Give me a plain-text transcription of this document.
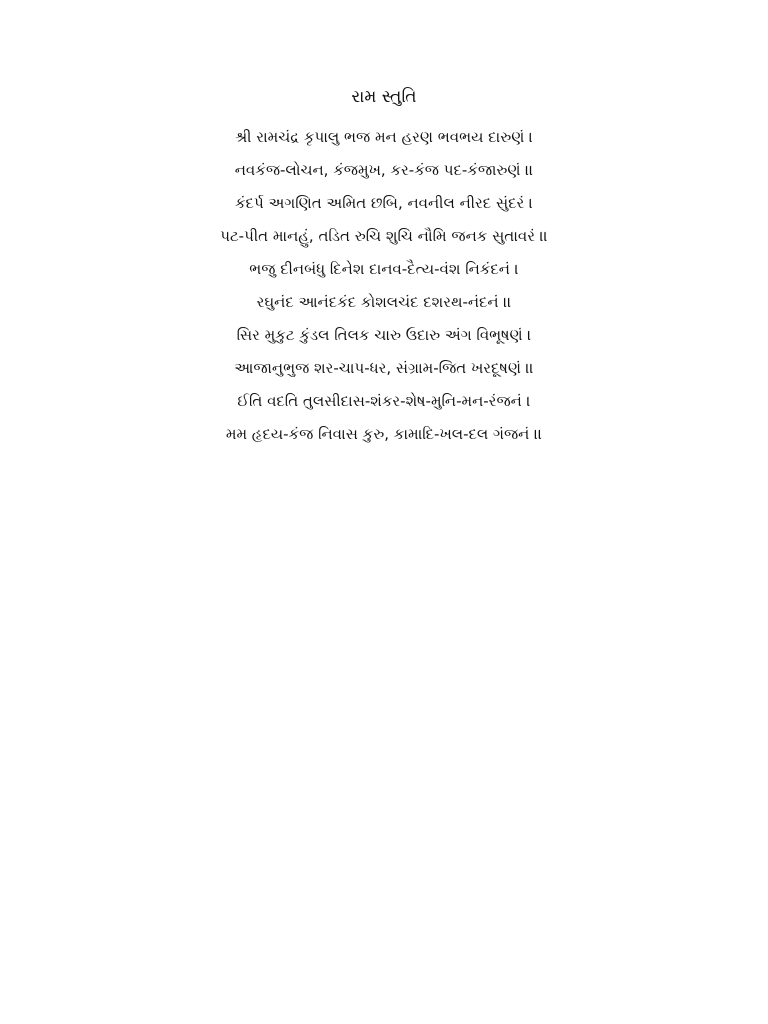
રામ સ્તુતિ
શ્રી રામચંદ્ર કૃપાલુ ભજ મન હરણ ભવભય દારુણં ।
નવકંજ-લોચન, કંજમુખ, કર-કંજ પદ-કંજારુણં ।।
કંદર્પ અગણિત અમિત છબિ, નવનીલ નીરદ સુંદરં ।
પટ-પીત માનહું, તડિત રુચિ શુચિ નૌમિ જનક સુતાવરં ।।
ભજુ દીનબંધુ દિનેશ દાનવ-દૈત્ય-વંશ નિકંદનં ।
રઘુનંદ આનંદકંદ કોશલચંદ દશરથ-નંદનં ।।
સિર મુકુટ કુંડલ તિલક ચારુ ઉદારુ અંગ વિભૂષણં ।
આજાનુભુજ શર-ચાપ-ધર, સંગ્રામ-જિત ખરદૂષણં ।।
ઈતિ વદતિ તુલસીદાસ-શંકર-શેષ-મુનિ-મન-રંજનં ।
મમ હૃદય-કંજ નિવાસ કુરુ, કામાદિ-ખલ-દલ ગંજનં ।।
